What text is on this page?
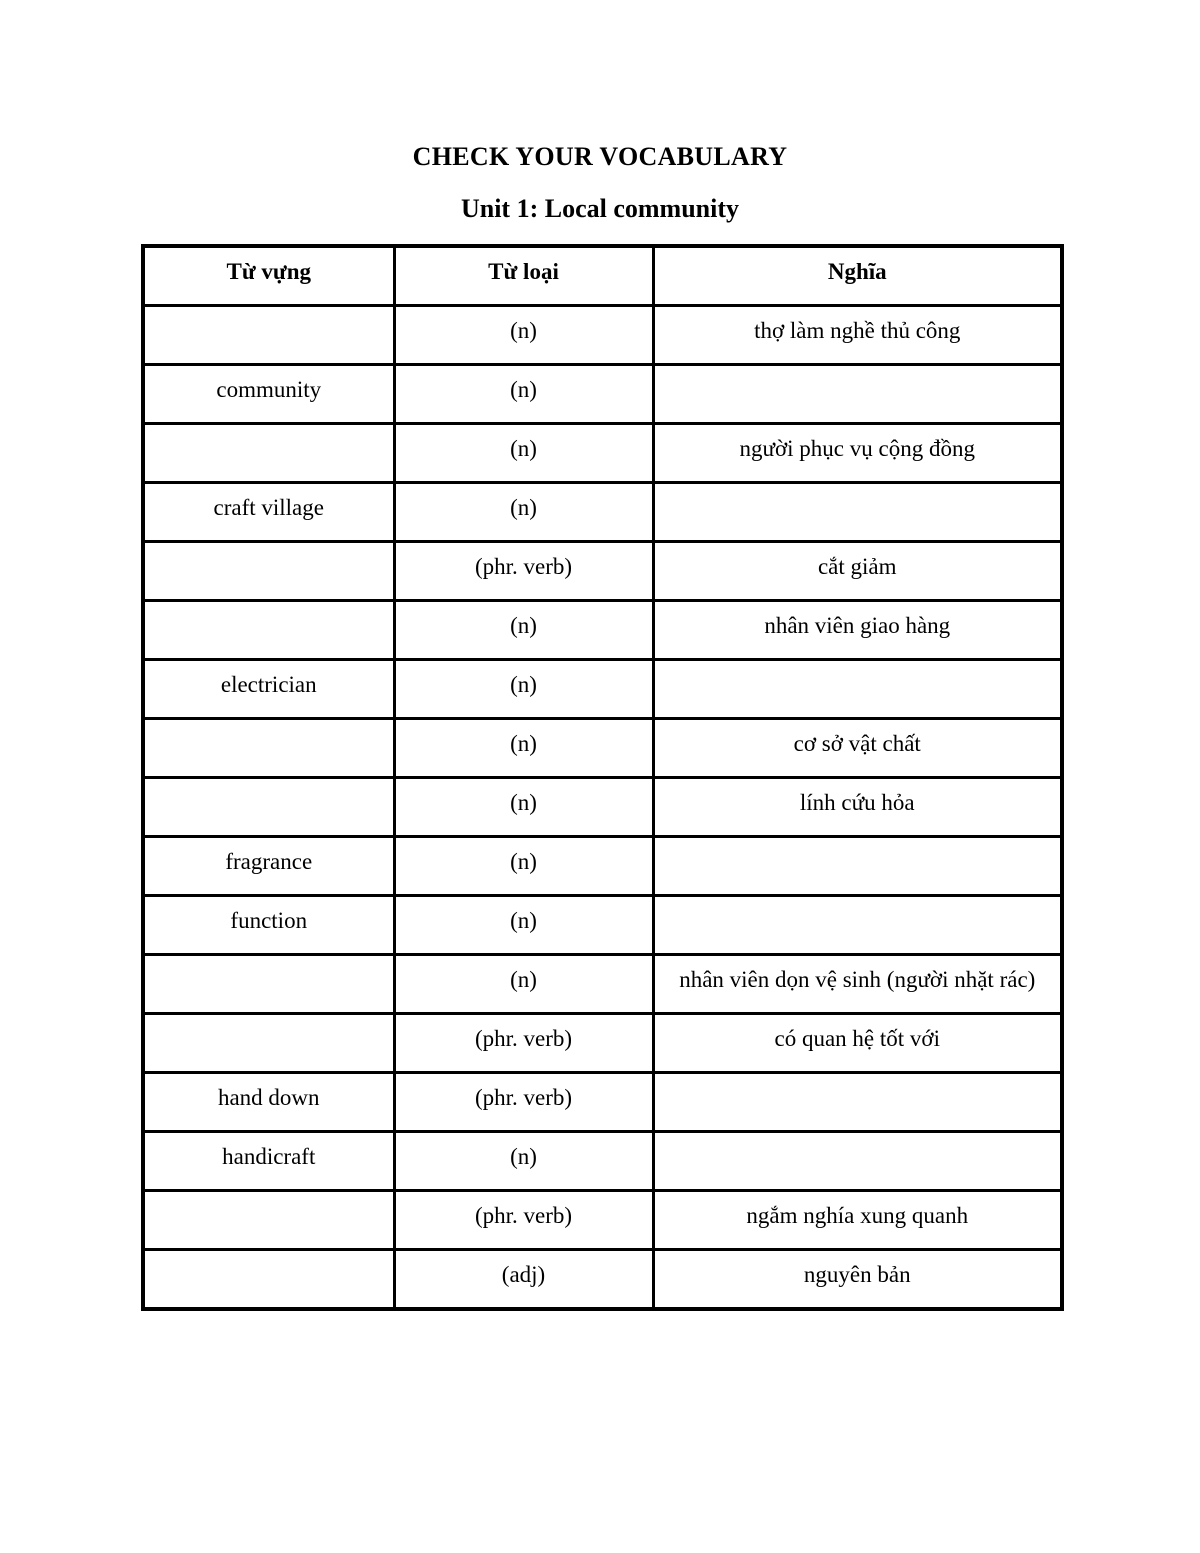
CHECK YOUR VOCABULARY
Unit 1: Local community
Từ vựng	Từ loại	Nghĩa

	(n)	thợ làm nghề thủ công

community	(n)	

	(n)	người phục vụ cộng đồng

craft village	(n)	

	(phr. verb)	cắt giảm

	(n)	nhân viên giao hàng

electrician	(n)	

	(n)	cơ sở vật chất

	(n)	lính cứu hỏa

fragrance	(n)	

function	(n)	

	(n)	nhân viên dọn vệ sinh (người nhặt rác)

	(phr. verb)	có quan hệ tốt với

hand down	(phr. verb)	

handicraft	(n)	

	(phr. verb)	ngắm nghía xung quanh

	(adj)	nguyên bản
